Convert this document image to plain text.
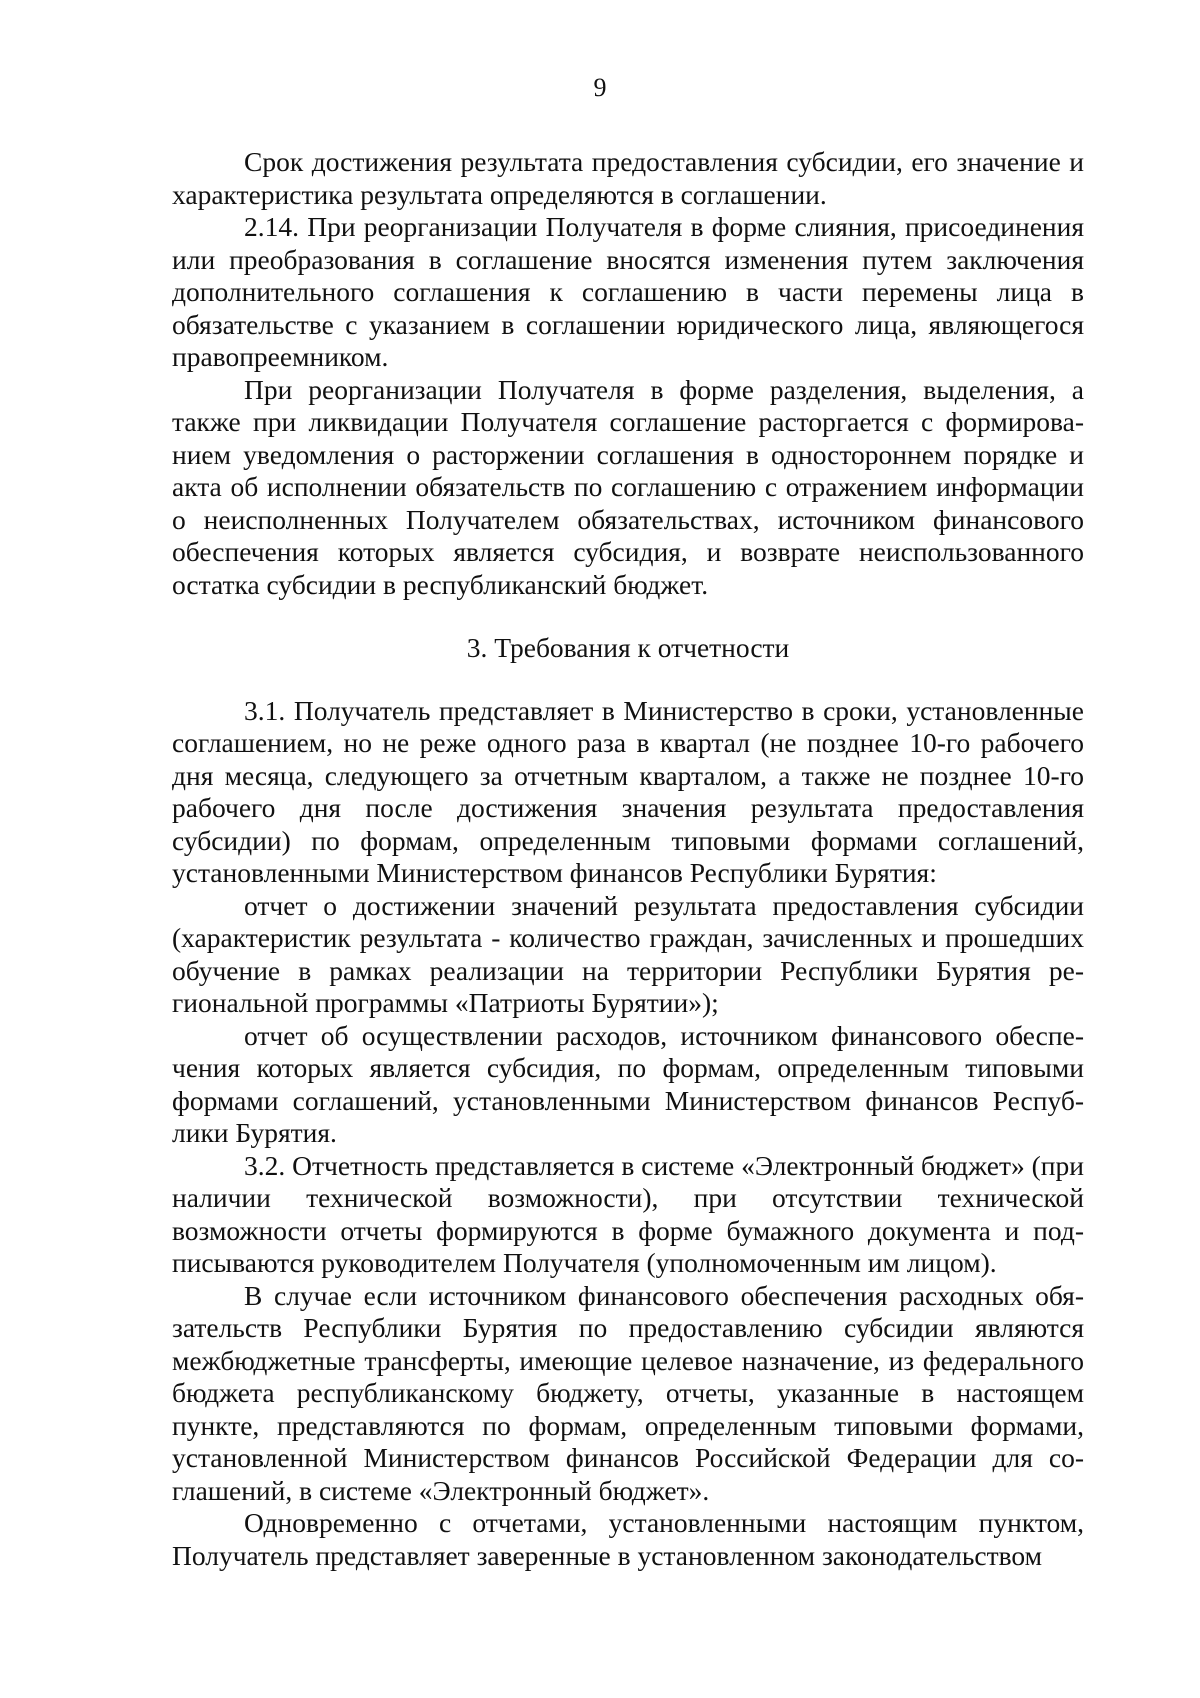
9

Срок достижения результата предоставления субсидии, его значение и характеристика результата определяются в соглашении.

2.14. При реорганизации Получателя в форме слияния, присоединения или преобразования в соглашение вносятся изменения путем заключения дополнительного соглашения к соглашению в части перемены лица в обязательстве с указанием в соглашении юридического лица, являющегося правопреемником.

При реорганизации Получателя в форме разделения, выделения, а также при ликвидации Получателя соглашение расторгается с формированием уведомления о расторжении соглашения в одностороннем порядке и акта об исполнении обязательств по соглашению с отражением информации о неисполненных Получателем обязательствах, источником финансового обеспечения которых является субсидия, и возврате неиспользованного остатка субсидии в республиканский бюджет.

3. Требования к отчетности

3.1. Получатель представляет в Министерство в сроки, установленные соглашением, но не реже одного раза в квартал (не позднее 10-го рабочего дня месяца, следующего за отчетным кварталом, а также не позднее 10-го рабочего дня после достижения значения результата предоставления субсидии) по формам, определенным типовыми формами соглашений, установленными Министерством финансов Республики Бурятия:

отчет о достижении значений результата предоставления субсидии (характеристик результата - количество граждан, зачисленных и прошедших обучение в рамках реализации на территории Республики Бурятия региональной программы «Патриоты Бурятии»);

отчет об осуществлении расходов, источником финансового обеспечения которых является субсидия, по формам, определенным типовыми формами соглашений, установленными Министерством финансов Республики Бурятия.

3.2. Отчетность представляется в системе «Электронный бюджет» (при наличии технической возможности), при отсутствии технической возможности отчеты формируются в форме бумажного документа и подписываются руководителем Получателя (уполномоченным им лицом).

В случае если источником финансового обеспечения расходных обязательств Республики Бурятия по предоставлению субсидии являются межбюджетные трансферты, имеющие целевое назначение, из федерального бюджета республиканскому бюджету, отчеты, указанные в настоящем пункте, представляются по формам, определенным типовыми формами, установленной Министерством финансов Российской Федерации для соглашений, в системе «Электронный бюджет».

Одновременно с отчетами, установленными настоящим пунктом, Получатель представляет заверенные в установленном законодательством
